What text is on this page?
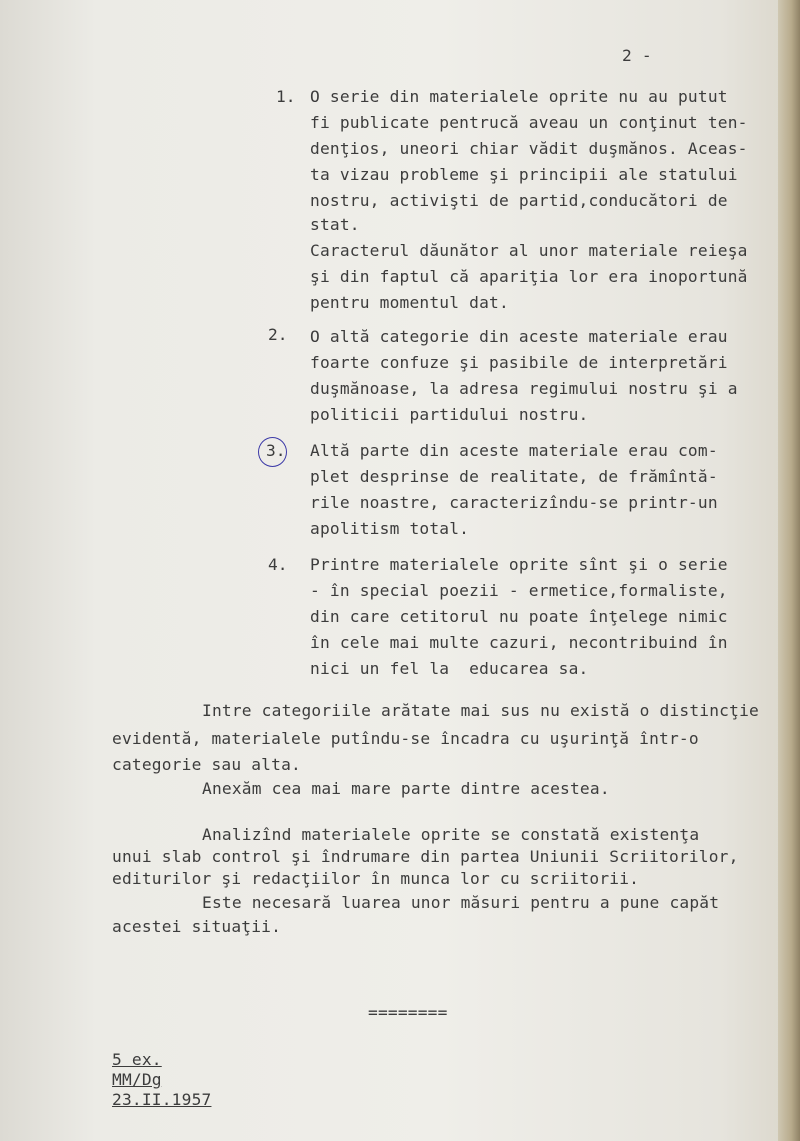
2 -
1. O serie din materialele oprite nu au putut
fi publicate pentrucă aveau un conţinut ten-
denţios, uneori chiar vădit duşmănos. Aceas-
ta vizau probleme şi principii ale statului
nostru, activişti de partid,conducători de
stat.
Caracterul dăunător al unor materiale reieşa
şi din faptul că apariţia lor era inoportună
pentru momentul dat.
2. O altă categorie din aceste materiale erau
foarte confuze şi pasibile de interpretări
duşmănoase, la adresa regimului nostru şi a
politicii partidului nostru.
3. Altă parte din aceste materiale erau com-
plet desprinse de realitate, de frămîntă-
rile noastre, caracterizîndu-se printr-un
apolitism total.
4. Printre materialele oprite sînt şi o serie
- în special poezii - ermetice,formaliste,
din care cetitorul nu poate înţelege nimic
în cele mai multe cazuri, necontribuind în
nici un fel la  educarea sa.
Intre categoriile arătate mai sus nu există o distincţie
evidentă, materialele putîndu-se încadra cu uşurinţă într-o
categorie sau alta.
Anexăm cea mai mare parte dintre acestea.
Analizînd materialele oprite se constată existenţa
unui slab control şi îndrumare din partea Uniunii Scriitorilor,
editurilor şi redacţiilor în munca lor cu scriitorii.
Este necesară luarea unor măsuri pentru a pune capăt
acestei situaţii.
========
5 ex.
MM/Dg
23.II.1957
